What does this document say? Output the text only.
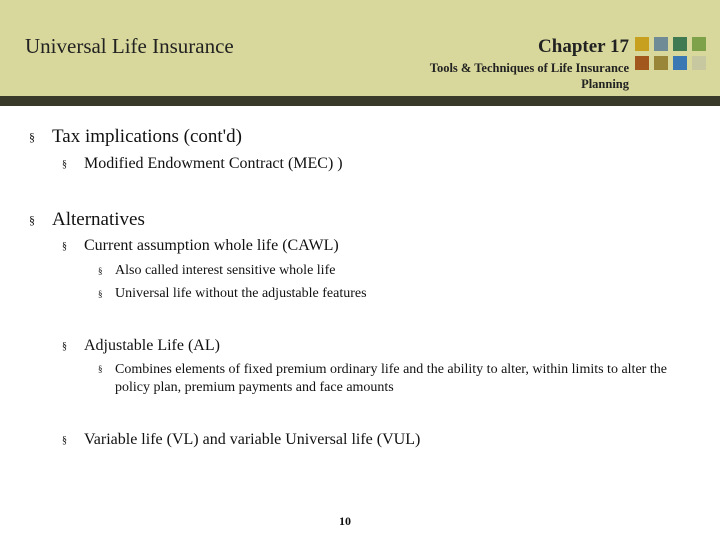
Universal Life Insurance	Chapter 17
Tools & Techniques of Life Insurance Planning
§ Tax implications (cont'd)
§ Modified Endowment Contract (MEC) )
§ Alternatives
§ Current assumption whole life (CAWL)
§ Also called interest sensitive whole life
§ Universal life without the adjustable features
§ Adjustable Life (AL)
§ Combines elements of fixed premium ordinary life and the ability to alter, within limits to alter the policy plan, premium payments and face amounts
§ Variable life (VL) and variable Universal life (VUL)
10
